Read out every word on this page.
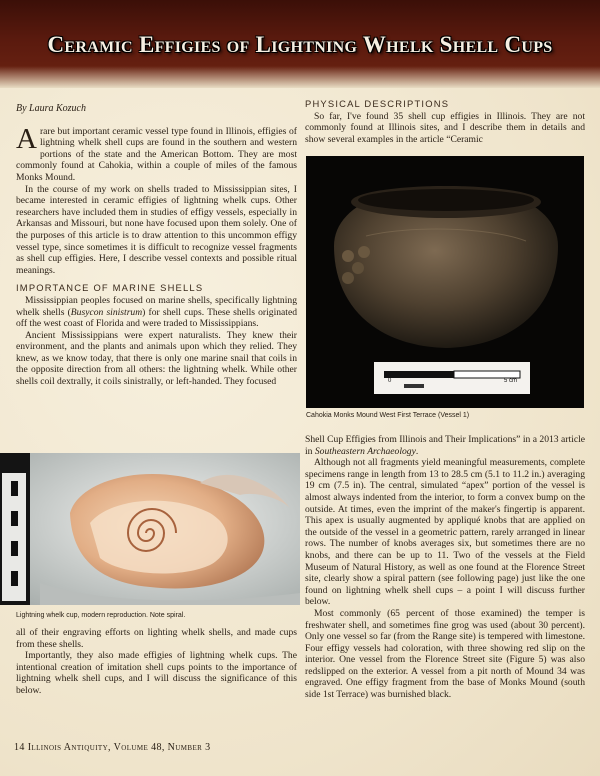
Ceramic Effigies of Lightning Whelk Shell Cups
By Laura Kozuch

Arare but important ceramic vessel type found in Illinois, effigies of lightning whelk shell cups are found in the southern and western portions of the state and the American Bottom. They are most commonly found at Cahokia, within a couple of miles of the famous Monks Mound.

In the course of my work on shells traded to Mississippian sites, I became interested in ceramic effigies of lightning whelk cups. Other researchers have included them in studies of effigy vessels, especially in Arkansas and Missouri, but none have focused upon them solely. One of the purposes of this article is to draw attention to this uncommon effigy vessel type, since sometimes it is difficult to recognize vessel fragments as shell cup effigies. Here, I describe vessel contexts and possible ritual meanings.

IMPORTANCE OF MARINE SHELLS

Mississippian peoples focused on marine shells, specifically lightning whelk shells (Busycon sinistrum) for shell cups. These shells originated off the west coast of Florida and were traded to Mississippians.

Ancient Mississippians were expert naturalists. They knew their environment, and the plants and animals upon which they relied. They knew, as we know today, that there is only one marine snail that coils in the opposite direction from all others: the lightning whelk. While other shells coil dextrally, it coils sinistrally, or left-handed. They focused

Lightning whelk cup, modern reproduction. Note spiral.

all of their engraving efforts on lighting whelk shells, and made cups from these shells.

Importantly, they also made effigies of lightning whelk cups. The intentional creation of imitation shell cups points to the importance of lightning whelk shell cups, and I will discuss the significance of this below.

PHYSICAL DESCRIPTIONS

So far, I've found 35 shell cup effigies in Illinois. They are not commonly found at Illinois sites, and I describe them in details and show several examples in the article “Ceramic

0	5 cm
Cahokia Monks Mound West First Terrace (Vessel 1)

Shell Cup Effigies from Illinois and Their Implications” in a 2013 article in Southeastern Archaeology.

Although not all fragments yield meaningful measurements, complete specimens range in length from 13 to 28.5 cm (5.1 to 11.2 in.) averaging 19 cm (7.5 in). The central, simulated “apex” portion of the vessel is almost always indented from the interior, to form a convex bump on the outside. At times, even the imprint of the maker's fingertip is apparent. This apex is usually augmented by appliqué knobs that are applied on the outside of the vessel in a geometric pattern, rarely arranged in linear rows. The number of knobs averages six, but sometimes there are no knobs, and there can be up to 11. Two of the vessels at the Field Museum of Natural History, as well as one found at the Florence Street site, clearly show a spiral pattern (see following page) just like the one found on lightning whelk shell cups – a point I will discuss further below.

Most commonly (65 percent of those examined) the temper is freshwater shell, and sometimes fine grog was used (about 30 percent). Only one vessel so far (from the Range site) is tempered with limestone. Four effigy vessels had coloration, with three showing red slip on the interior. One vessel from the Florence Street site (Figure 5) was also redslipped on the exterior. A vessel from a pit north of Mound 34 was engraved. One effigy fragment from the base of Monks Mound (south side 1st Terrace) was burnished black.

14 Illinois Antiquity, Volume 48, Number 3
